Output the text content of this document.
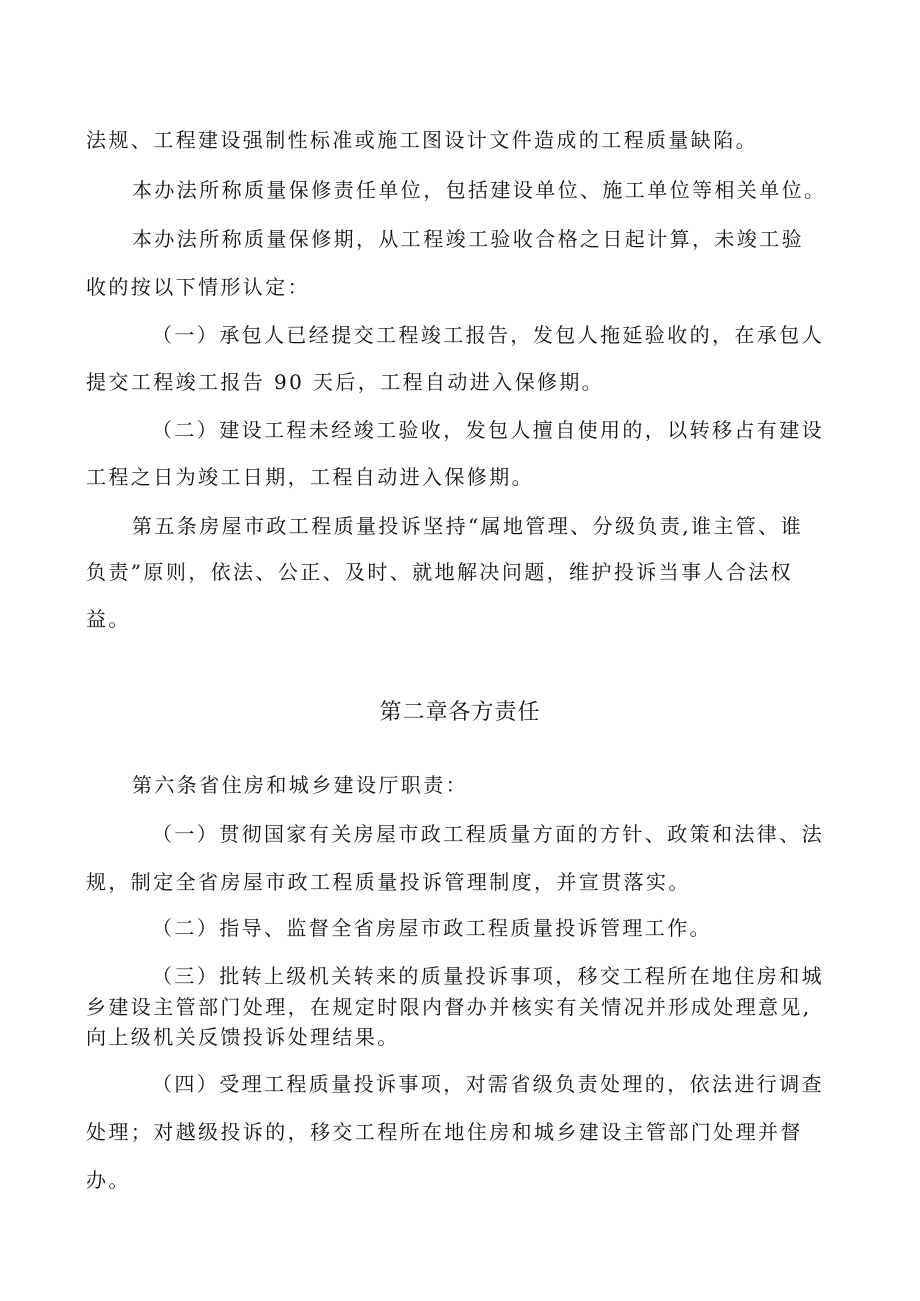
法规、工程建设强制性标准或施工图设计文件造成的工程质量缺陷。
本办法所称质量保修责任单位，包括建设单位、施工单位等相关单位。
本办法所称质量保修期，从工程竣工验收合格之日起计算，未竣工验
收的按以下情形认定：
（一）承包人已经提交工程竣工报告，发包人拖延验收的，在承包人
提交工程竣工报告 90 天后，工程自动进入保修期。
（二）建设工程未经竣工验收，发包人擅自使用的，以转移占有建设
工程之日为竣工日期，工程自动进入保修期。
第五条房屋市政工程质量投诉坚持“属地管理、分级负责,谁主管、谁
负责”原则，依法、公正、及时、就地解决问题，维护投诉当事人合法权
益。
第二章各方责任
第六条省住房和城乡建设厅职责：
（一）贯彻国家有关房屋市政工程质量方面的方针、政策和法律、法
规，制定全省房屋市政工程质量投诉管理制度，并宣贯落实。
（二）指导、监督全省房屋市政工程质量投诉管理工作。
（三）批转上级机关转来的质量投诉事项，移交工程所在地住房和城
乡建设主管部门处理，在规定时限内督办并核实有关情况并形成处理意见,
向上级机关反馈投诉处理结果。
（四）受理工程质量投诉事项，对需省级负责处理的，依法进行调查
处理；对越级投诉的，移交工程所在地住房和城乡建设主管部门处理并督
办。
